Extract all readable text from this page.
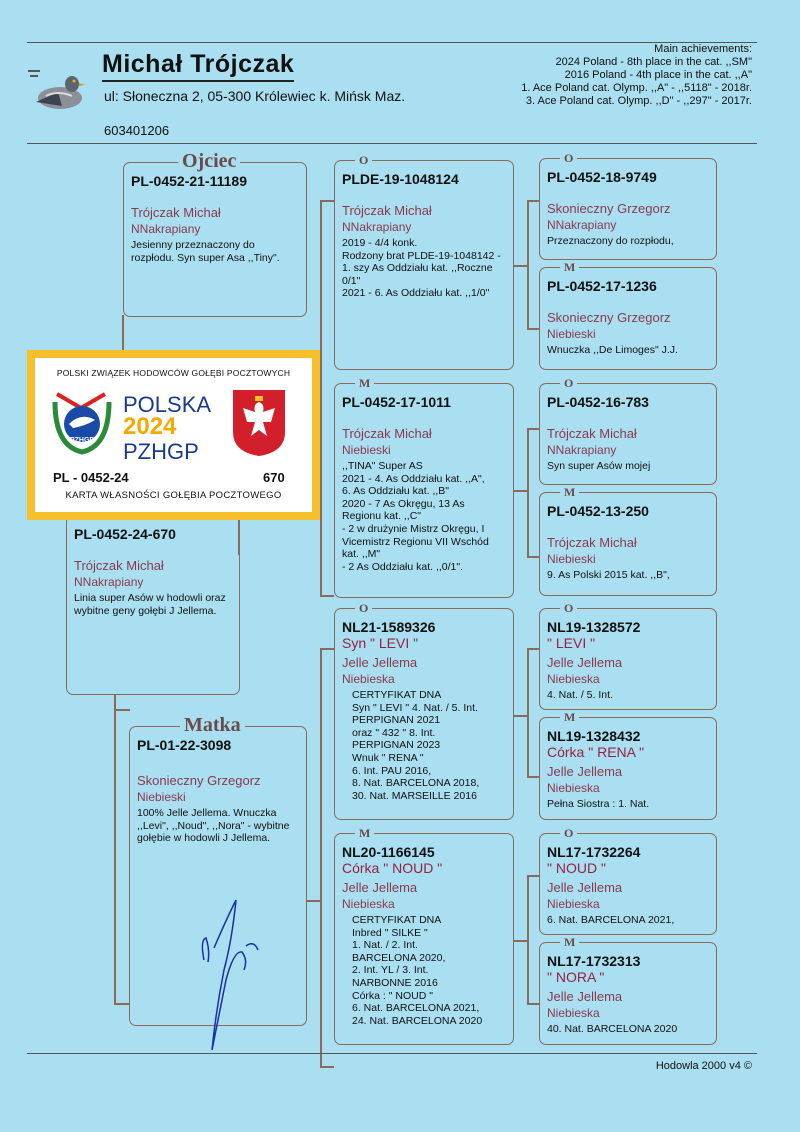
Michał Trójczak
ul: Słoneczna 2, 05-300 Królewiec k. Mińsk Maz.
603401206
Main achievements:
2024 Poland - 8th place in the cat. ,,SM"
2016 Poland - 4th place in the cat. ,,A"
1. Ace Poland cat. Olymp. ,,A" - ,,5118" - 2018r.
3. Ace Poland cat. Olymp. ,,D" - ,,297" - 2017r.
PL-0452-21-11189
Trójczak Michał
NNakrapiany
Jesienny przeznaczony do rozpłodu. Syn super Asa ,,Tiny".
Ojciec
PL-0452-24-670
Trójczak Michał
NNakrapiany
Linia super Asów w hodowli oraz wybitne geny gołębi J Jellema.
PL-01-22-3098
Skonieczny Grzegorz
Niebieski
100% Jelle Jellema. Wnuczka ,,Levi", ,,Noud", ,,Nora" - wybitne gołębie w hodowli J Jellema.
Matka
PLDE-19-1048124
Trójczak Michał
NNakrapiany
2019 - 4/4 konk.
Rodzony brat PLDE-19-1048142 - 1. szy As Oddziału kat. ,,Roczne 0/1"
2021 - 6. As Oddziału kat. ,,1/0"
O
PL-0452-17-1011
Trójczak Michał
Niebieski
,,TINA" Super AS
2021 - 4. As Oddziału kat. ,,A",
6. As Oddziału kat. ,,B"
2020 - 7 As Okręgu, 13 As Regionu kat. ,,C"
- 2 w drużynie Mistrz Okręgu, I Vicemistrz Regionu VII Wschód kat. ,,M"
- 2 As Oddziału kat. ,,0/1".
M
NL21-1589326
Syn " LEVI "
Jelle Jellema
Niebieska
CERTYFIKAT DNA
Syn " LEVI " 4. Nat. / 5. Int.
PERPIGNAN 2021
oraz " 432 " 8. Int.
PERPIGNAN 2023
Wnuk " RENA "
6. Int. PAU 2016,
8. Nat. BARCELONA 2018,
30. Nat. MARSEILLE 2016
O
NL20-1166145
Córka " NOUD "
Jelle Jellema
Niebieska
CERTYFIKAT DNA
Inbred " SILKE "
1. Nat. / 2. Int.
BARCELONA 2020,
2. Int. YL / 3. Int.
NARBONNE 2016
Córka : " NOUD "
6. Nat. BARCELONA 2021,
24. Nat. BARCELONA 2020
M
PL-0452-18-9749
Skonieczny Grzegorz
NNakrapiany
Przeznaczony do rozpłodu,
O
PL-0452-17-1236
Skonieczny Grzegorz
Niebieski
Wnuczka ,,De Limoges" J.J.
M
PL-0452-16-783
Trójczak Michał
NNakrapiany
Syn super Asów mojej
O
PL-0452-13-250
Trójczak Michał
Niebieski
9. As Polski 2015 kat. ,,B",
M
NL19-1328572
" LEVI "
Jelle Jellema
Niebieska
4. Nat. / 5. Int.
O
NL19-1328432
Córka " RENA "
Jelle Jellema
Niebieska
Pełna Siostra : 1. Nat.
M
NL17-1732264
" NOUD "
Jelle Jellema
Niebieska
6. Nat. BARCELONA 2021,
O
NL17-1732313
" NORA "
Jelle Jellema
Niebieska
40. Nat. BARCELONA 2020
M
POLSKI ZWIĄZEK HODOWCÓW GOŁĘBI POCZTOWYCH
PZHGP
POLSKA
2024
PZHGP
PL - 0452-24	670
KARTA WŁASNOŚCI GOŁĘBIA POCZTOWEGO
Hodowla 2000 v4 ©
